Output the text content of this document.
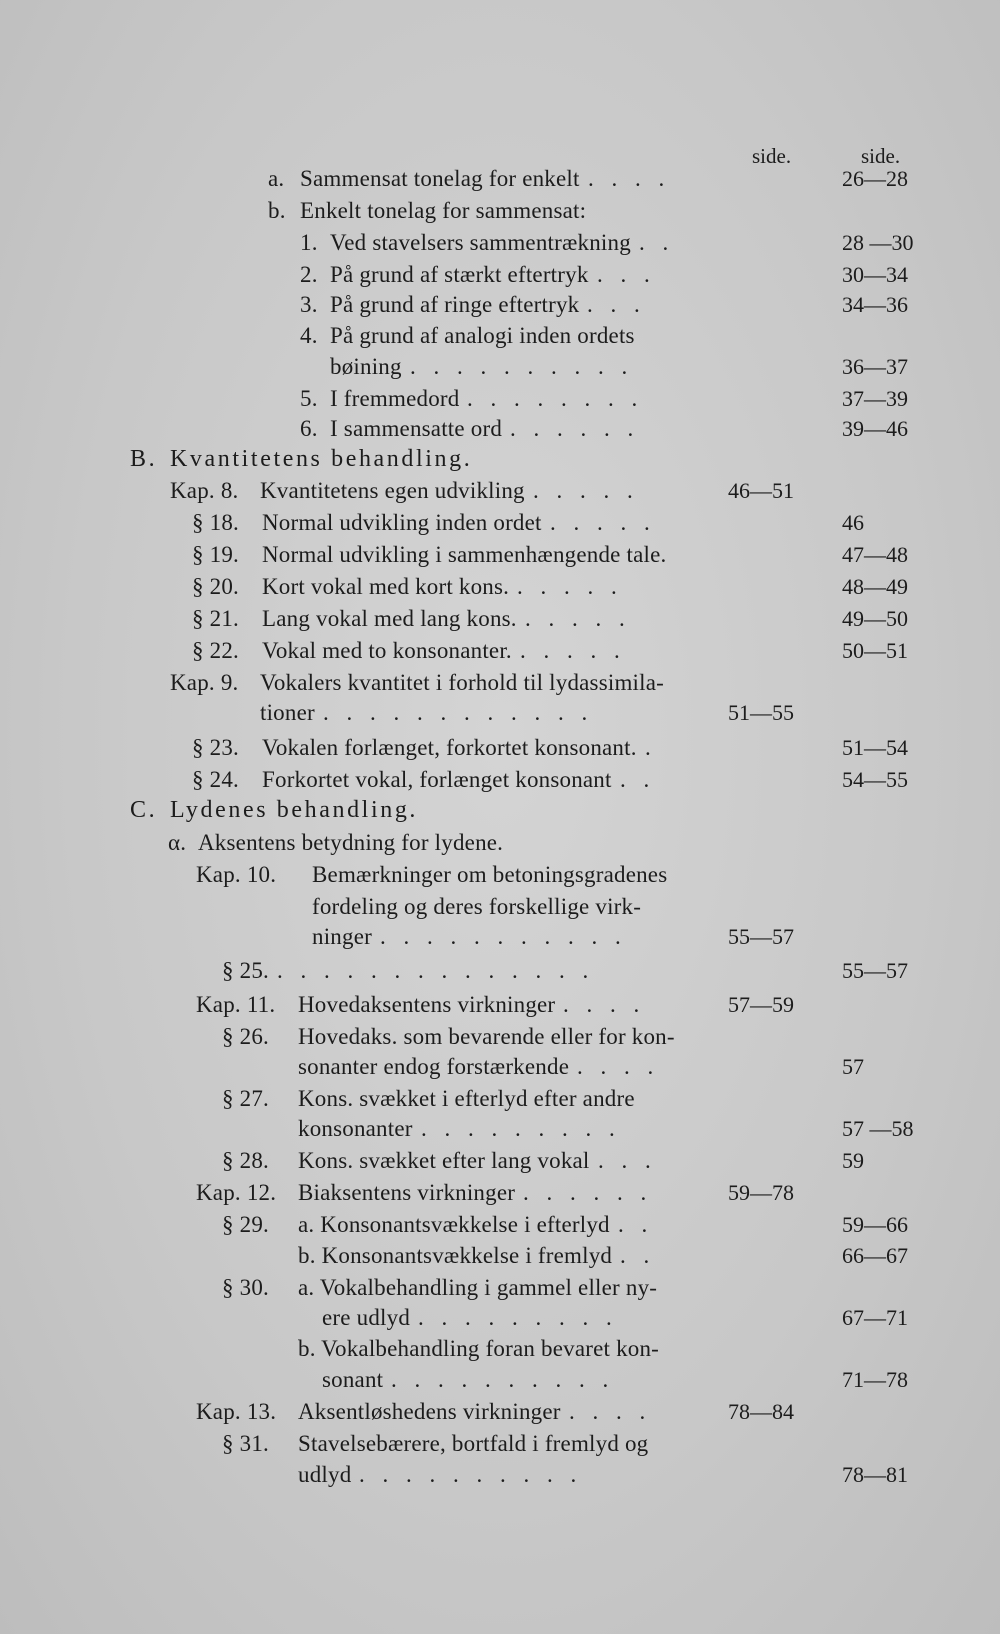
side.	side.
a. Sammensat tonelag for enkelt . . . .	26—28
b. Enkelt tonelag for sammensat:
1. Ved stavelsers sammentrækning . .	28 —30
2. På grund af stærkt eftertryk . . .	30—34
3. På grund af ringe eftertryk . . .	34—36
4. På grund af analogi inden ordets
bøining . . . . . . . . . .	36—37
5. I fremmedord . . . . . . . .	37—39
6. I sammensatte ord . . . . . .	39—46
B. Kvantitetens behandling.
Kap. 8. Kvantitetens egen udvikling . . . . .	46—51
§ 18. Normal udvikling inden ordet . . . . .	46
§ 19. Normal udvikling i sammenhængende tale.	47—48
§ 20. Kort vokal med kort kons. . . . . .	48—49
§ 21. Lang vokal med lang kons. . . . . .	49—50
§ 22. Vokal med to konsonanter. . . . . .	50—51
Kap. 9. Vokalers kvantitet i forhold til lydassimila-
tioner . . . . . . . . . . . .	51—55
§ 23. Vokalen forlænget, forkortet konsonant. .	51—54
§ 24. Forkortet vokal, forlænget konsonant . .	54—55
C. Lydenes behandling.
α. Aksentens betydning for lydene.
Kap. 10. Bemærkninger om betoningsgradenes
fordeling og deres forskellige virk-
ninger . . . . . . . . . . .	55—57
§ 25. . . . . . . . . . . . . . .	55—57
Kap. 11. Hovedaksentens virkninger . . . .	57—59
§ 26. Hovedaks. som bevarende eller for kon-
sonanter endog forstærkende . . . .	57
§ 27. Kons. svækket i efterlyd efter andre
konsonanter . . . . . . . . .	57 —58
§ 28. Kons. svækket efter lang vokal . . .	59
Kap. 12. Biaksentens virkninger . . . . . .	59—78
§ 29. a. Konsonantsvækkelse i efterlyd . .	59—66
b. Konsonantsvækkelse i fremlyd . .	66—67
§ 30. a. Vokalbehandling i gammel eller ny-
ere udlyd . . . . . . . . .	67—71
b. Vokalbehandling foran bevaret kon-
sonant . . . . . . . . . .	71—78
Kap. 13. Aksentløshedens virkninger . . . .	78—84
§ 31. Stavelsebærere, bortfald i fremlyd og
udlyd . . . . . . . . . .	78—81
